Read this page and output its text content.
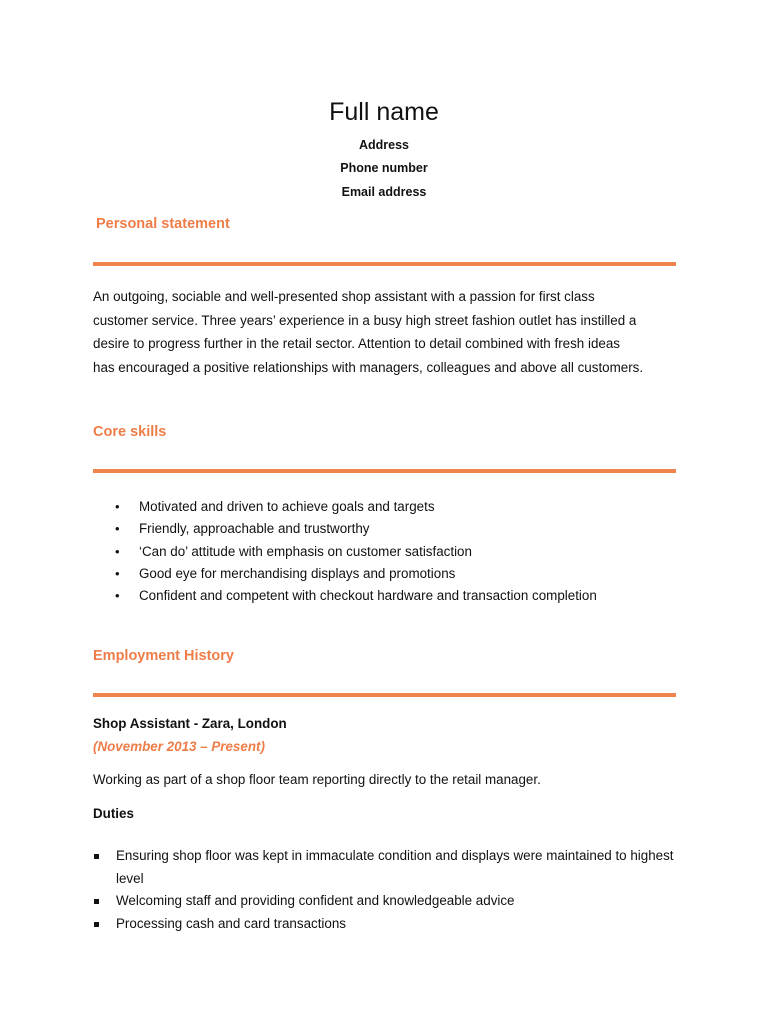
Full name
Address
Phone number
Email address
Personal statement
An outgoing, sociable and well-presented shop assistant with a passion for first class
customer service. Three years’ experience in a busy high street fashion outlet has instilled a
desire to progress further in the retail sector. Attention to detail combined with fresh ideas
has encouraged a positive relationships with managers, colleagues and above all customers.
Core skills
• Motivated and driven to achieve goals and targets
• Friendly, approachable and trustworthy
• ‘Can do’ attitude with emphasis on customer satisfaction
• Good eye for merchandising displays and promotions
• Confident and competent with checkout hardware and transaction completion
Employment History
Shop Assistant - Zara, London
(November 2013 – Present)
Working as part of a shop floor team reporting directly to the retail manager.
Duties
Ensuring shop floor was kept in immaculate condition and displays were maintained to highest level
Welcoming staff and providing confident and knowledgeable advice
Processing cash and card transactions
